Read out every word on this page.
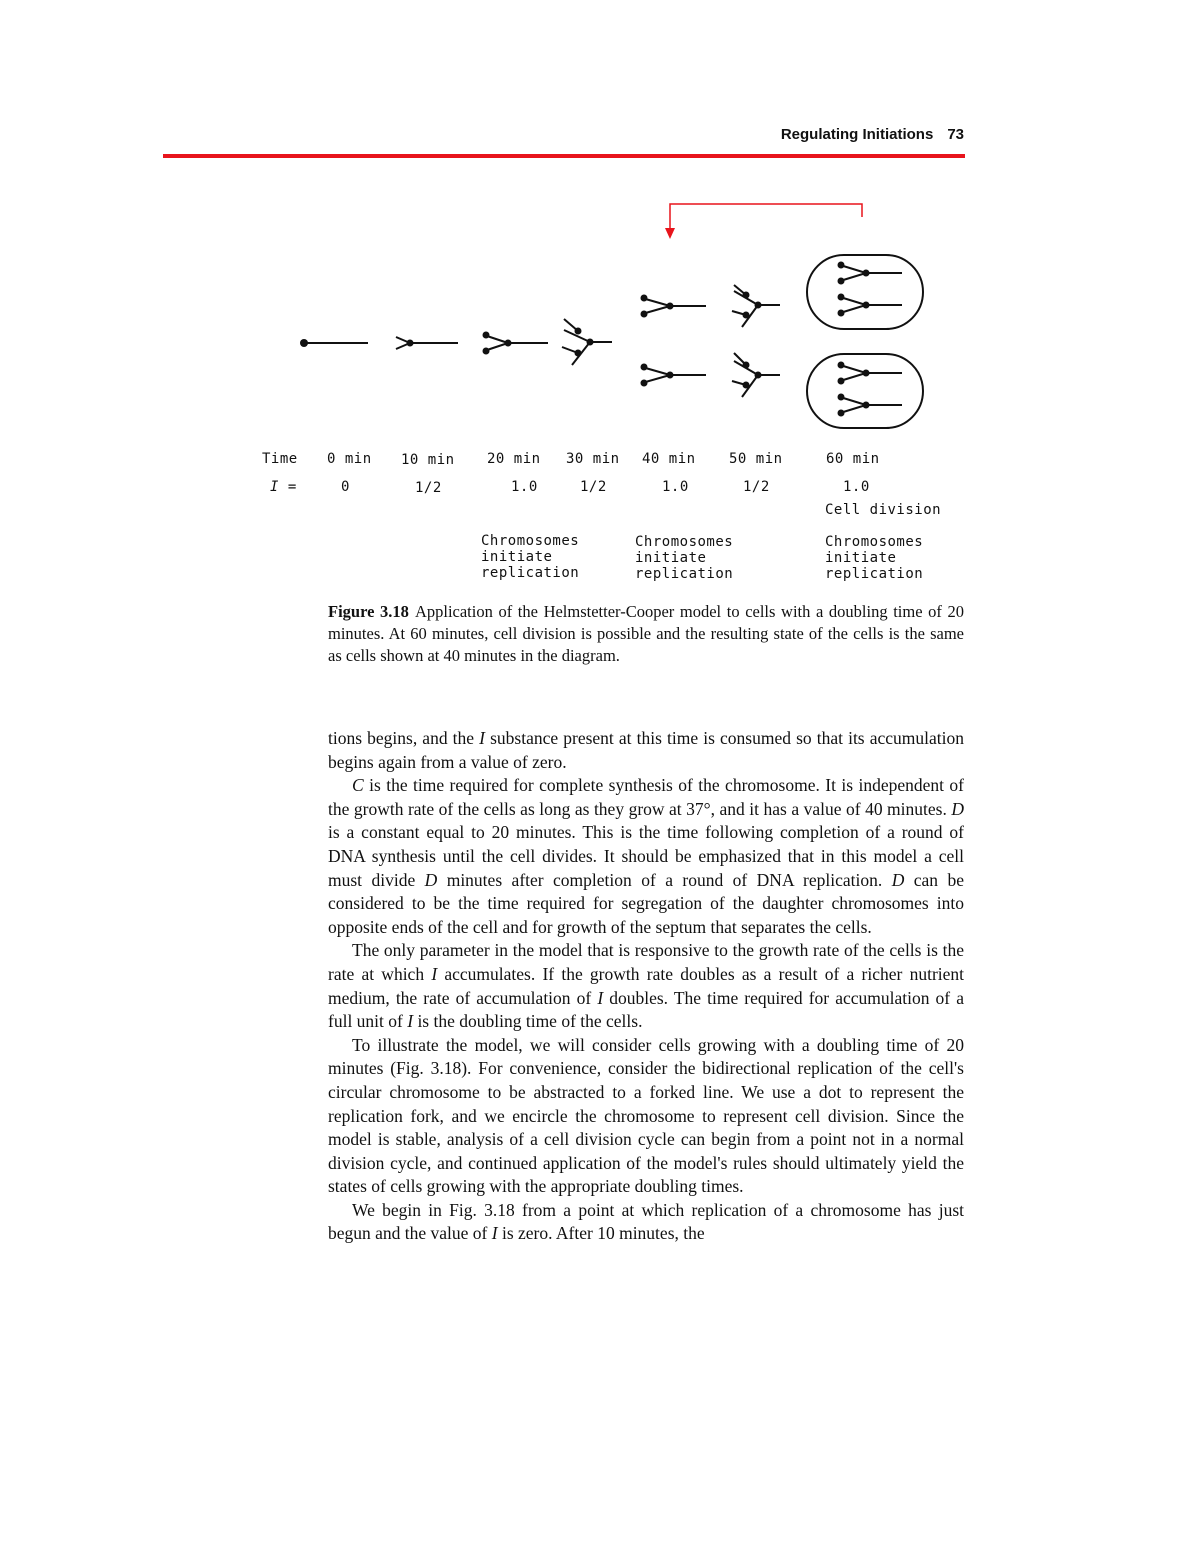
Regulating Initiations 73
Time 0 min 10 min 20 min 30 min 40 min 50 min	60 min
I =	0	1/2	1.0	1/2	1.0	1/2	1.0
Cell division
Chromosomes
initiate
replication
Chromosomes
initiate
replication
Chromosomes
initiate
replication
Figure 3.18 Application of the Helmstetter-Cooper model to cells with a doubling time of 20 minutes. At 60 minutes, cell division is possible and the resulting state of the cells is the same as cells shown at 40 minutes in the diagram.

tions begins, and the I substance present at this time is consumed so that its accumulation begins again from a value of zero.

C is the time required for complete synthesis of the chromosome. It is independent of the growth rate of the cells as long as they grow at 37°, and it has a value of 40 minutes. D is a constant equal to 20 minutes. This is the time following completion of a round of DNA synthesis until the cell divides. It should be emphasized that in this model a cell must divide D minutes after completion of a round of DNA replication. D can be considered to be the time required for segregation of the daughter chromosomes into opposite ends of the cell and for growth of the septum that separates the cells.

The only parameter in the model that is responsive to the growth rate of the cells is the rate at which I accumulates. If the growth rate doubles as a result of a richer nutrient medium, the rate of accumulation of I doubles. The time required for accumulation of a full unit of I is the doubling time of the cells.

To illustrate the model, we will consider cells growing with a doubling time of 20 minutes (Fig. 3.18). For convenience, consider the bidirectional replication of the cell's circular chromosome to be abstracted to a forked line. We use a dot to represent the replication fork, and we encircle the chromosome to represent cell division. Since the model is stable, analysis of a cell division cycle can begin from a point not in a normal division cycle, and continued application of the model's rules should ultimately yield the states of cells growing with the appropriate doubling times.

We begin in Fig. 3.18 from a point at which replication of a chromosome has just begun and the value of I is zero. After 10 minutes, the
